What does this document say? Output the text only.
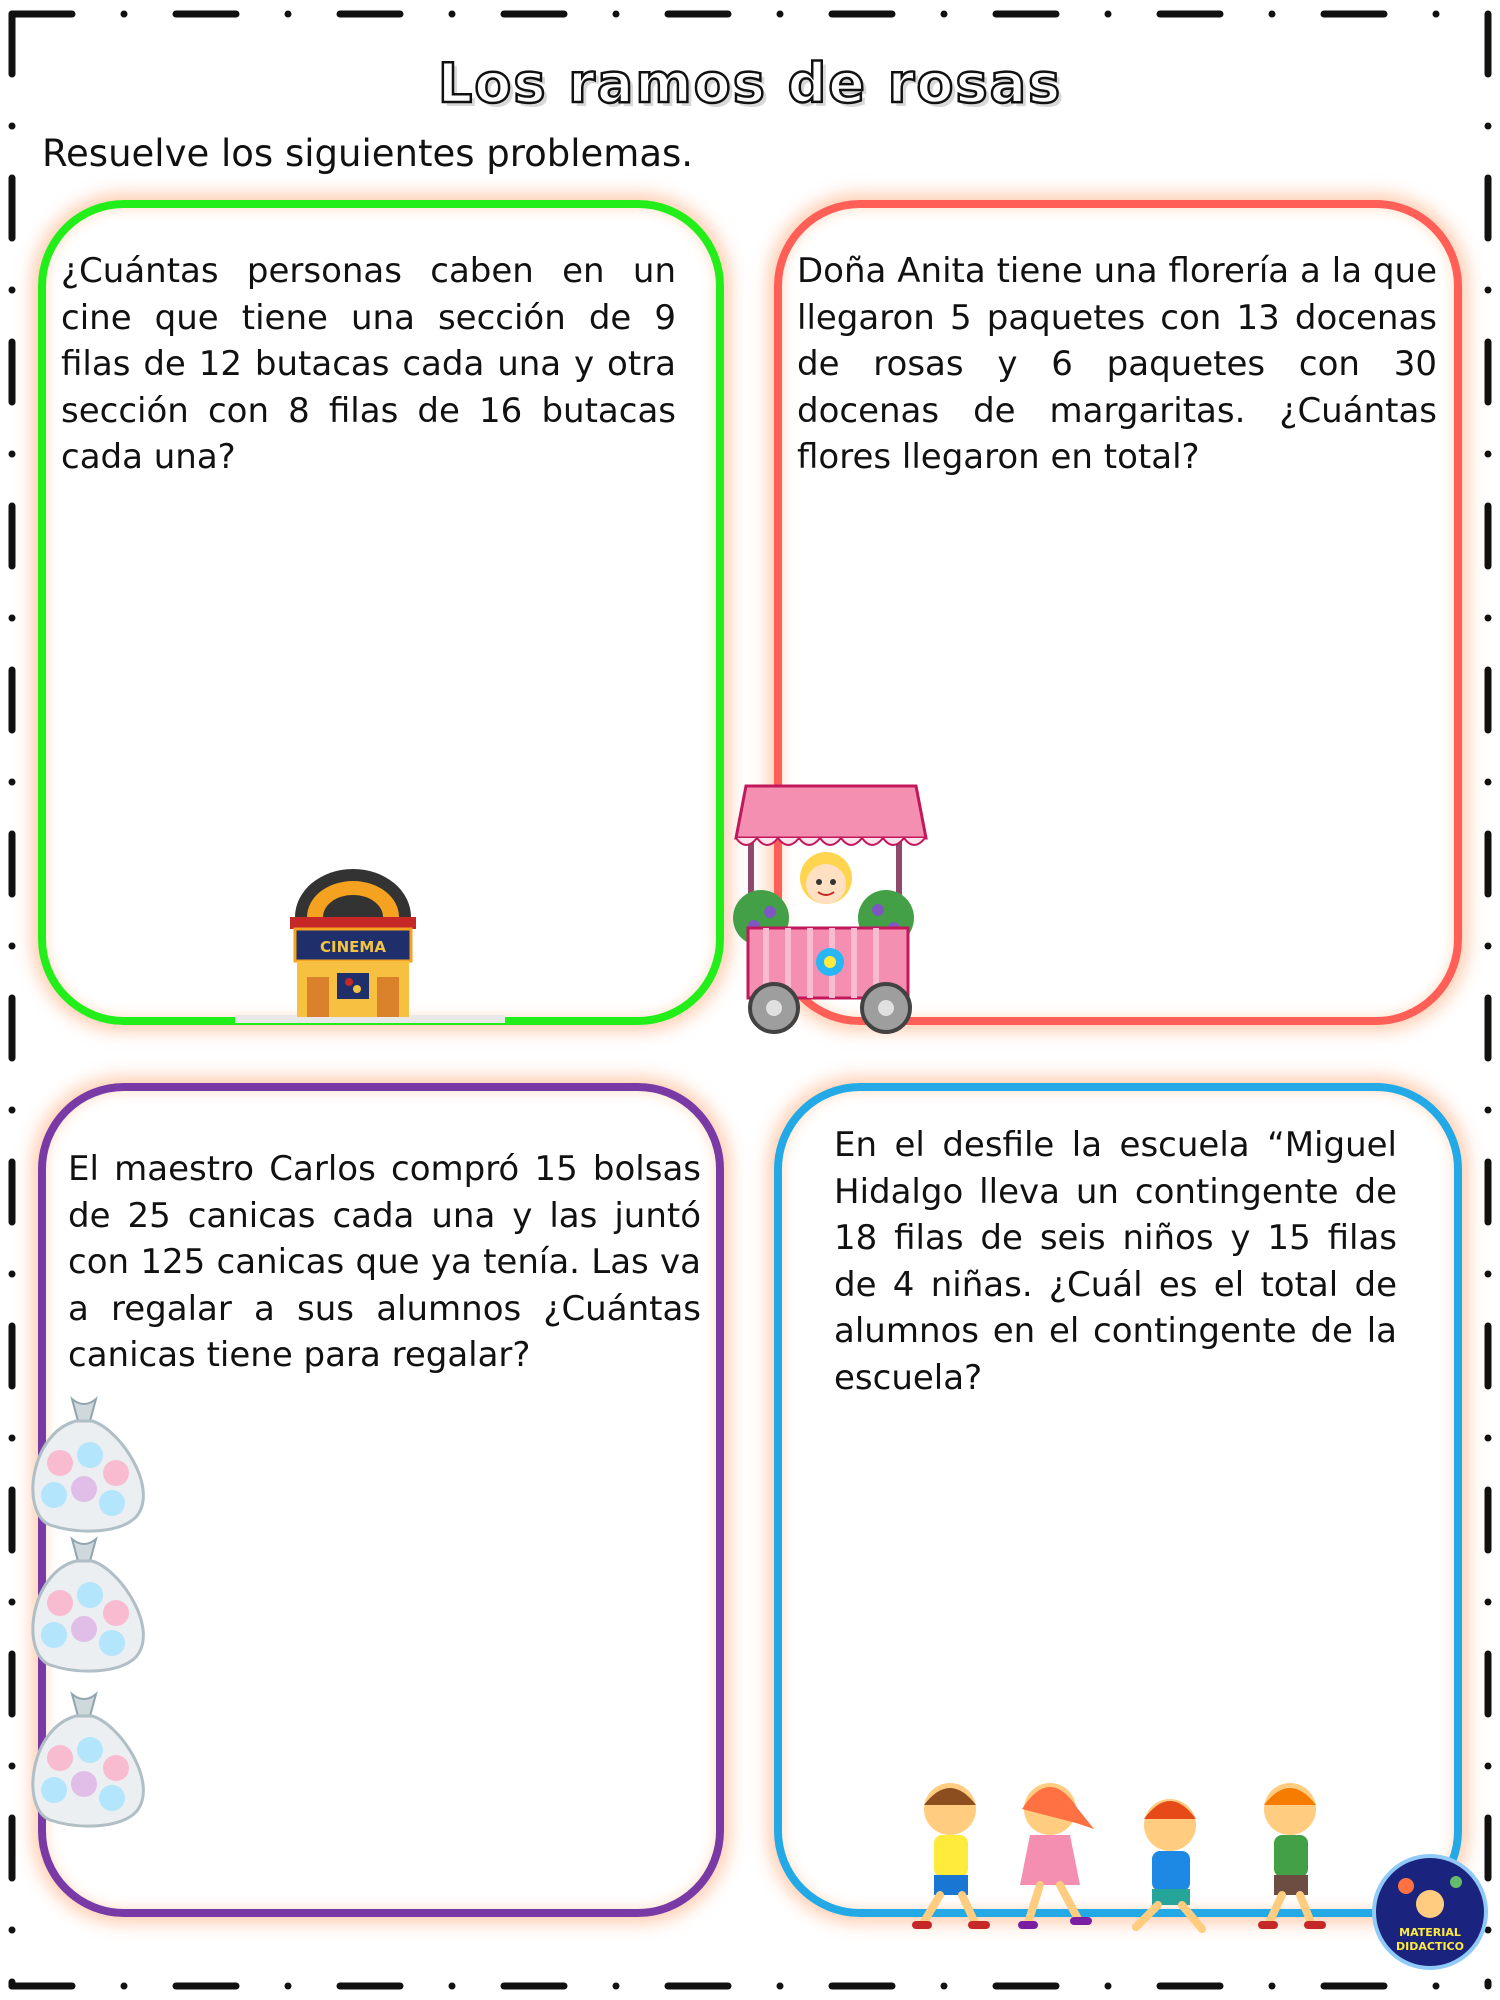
Los ramos de rosas
Resuelve los siguientes problemas.
¿Cuántas personas caben en un cine que tiene una sección de 9 filas de 12 butacas cada una y otra sección con 8 filas de 16 butacas cada una?
Doña Anita tiene una florería a la que llegaron 5 paquetes con 13 docenas de rosas y 6 paquetes con 30 docenas de margaritas. ¿Cuántas flores llegaron en total?
El maestro Carlos compró 15 bolsas de 25 canicas cada una y las juntó con 125 canicas que ya tenía. Las va a regalar a sus alumnos ¿Cuántas canicas tiene para regalar?
En el desfile la escuela “Miguel Hidalgo lleva un contingente de 18 filas de seis niños y 15 filas de 4 niñas. ¿Cuál es el total de alumnos en el contingente de la escuela?
CINEMA
MATERIAL
DIDACTICO
